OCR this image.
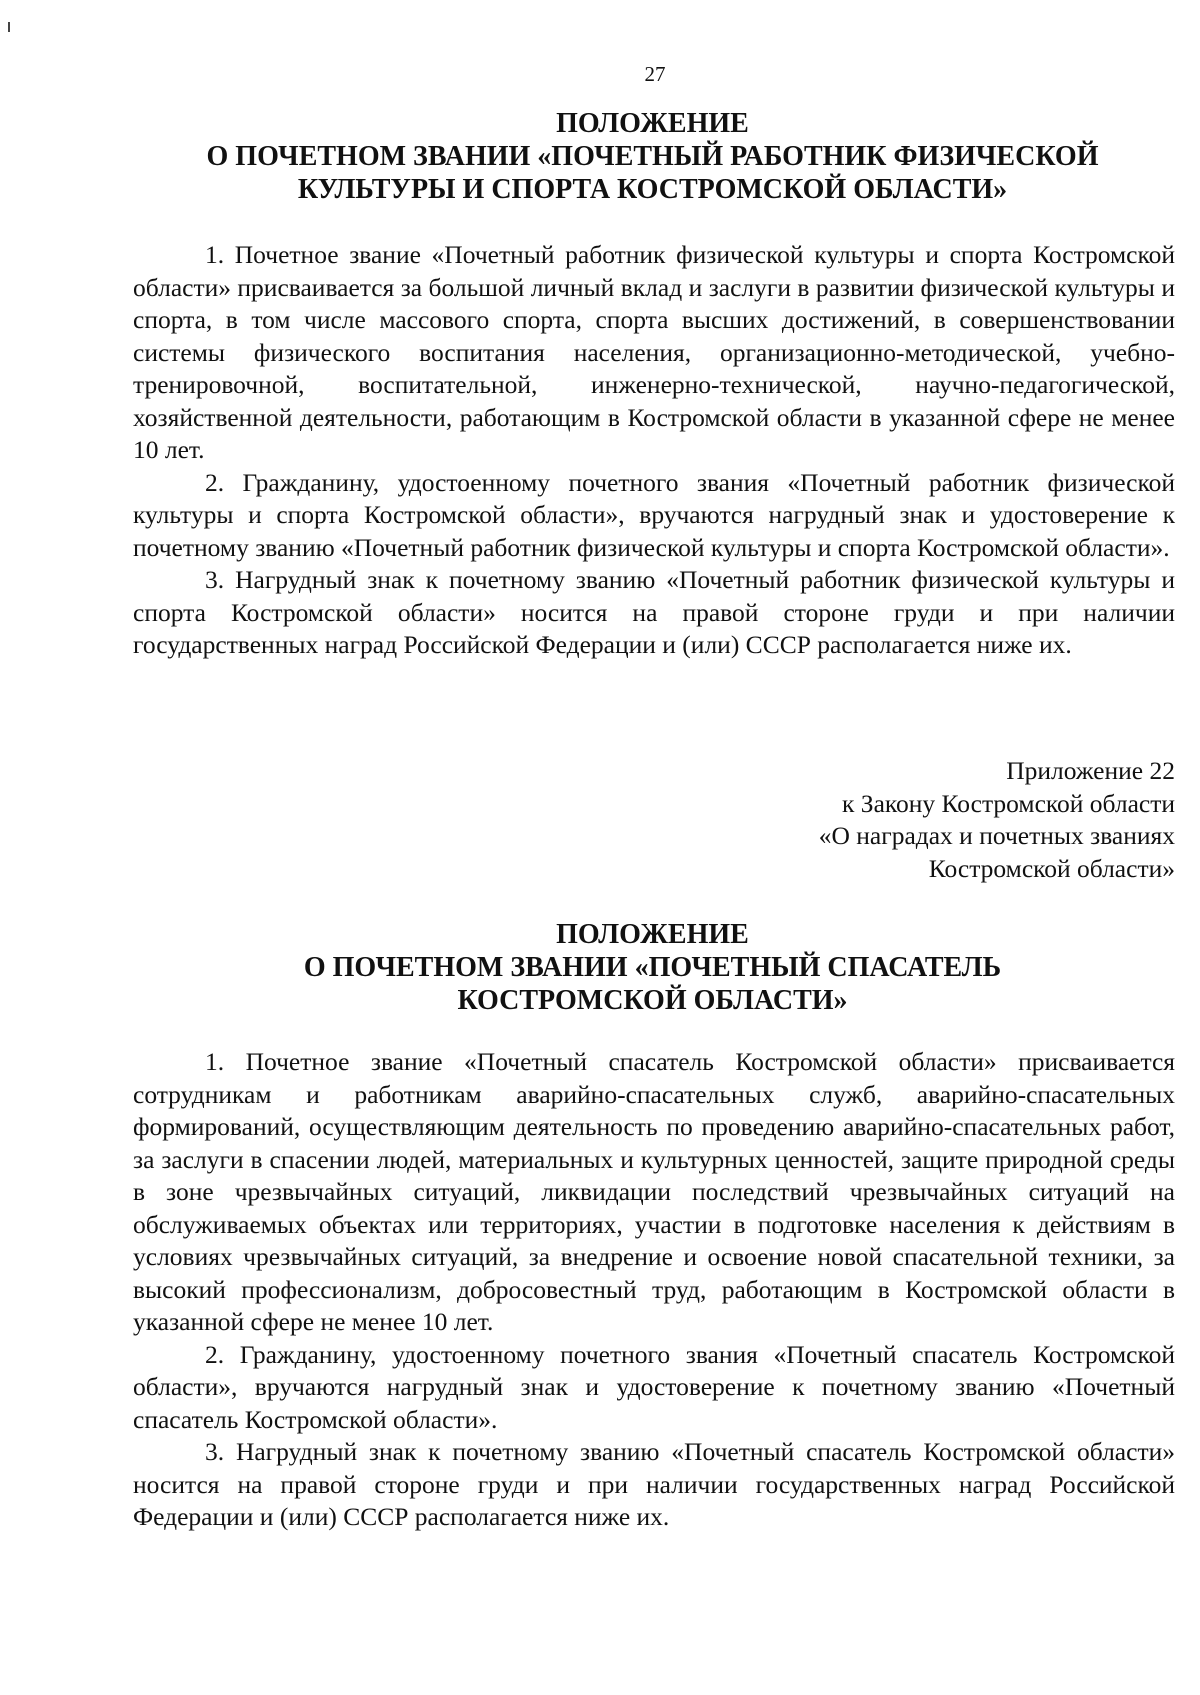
27
ПОЛОЖЕНИЕ
О ПОЧЕТНОМ ЗВАНИИ «ПОЧЕТНЫЙ РАБОТНИК ФИЗИЧЕСКОЙ
КУЛЬТУРЫ И СПОРТА КОСТРОМСКОЙ ОБЛАСТИ»

1. Почетное звание «Почетный работник физической культуры и спорта Костромской области» присваивается за большой личный вклад и заслуги в развитии физической культуры и спорта, в том числе массового спорта, спорта высших достижений, в совершенствовании системы физического воспитания населения, организационно-методической, учебно-тренировочной, воспитательной, инженерно-технической, научно-педагогической, хозяйственной деятельности, работающим в Костромской области в указанной сфере не менее 10 лет.

2. Гражданину, удостоенному почетного звания «Почетный работник физической культуры и спорта Костромской области», вручаются нагрудный знак и удостоверение к почетному званию «Почетный работник физической культуры и спорта Костромской области».

3. Нагрудный знак к почетному званию «Почетный работник физической культуры и спорта Костромской области» носится на правой стороне груди и при наличии государственных наград Российской Федерации и (или) СССР располагается ниже их.

Приложение 22
к Закону Костромской области
«О наградах и почетных званиях
Костромской области»
ПОЛОЖЕНИЕ
О ПОЧЕТНОМ ЗВАНИИ «ПОЧЕТНЫЙ СПАСАТЕЛЬ
КОСТРОМСКОЙ ОБЛАСТИ»

1. Почетное звание «Почетный спасатель Костромской области» присваивается сотрудникам и работникам аварийно-спасательных служб, аварийно-спасательных формирований, осуществляющим деятельность по проведению аварийно-спасательных работ, за заслуги в спасении людей, материальных и культурных ценностей, защите природной среды в зоне чрезвычайных ситуаций, ликвидации последствий чрезвычайных ситуаций на обслуживаемых объектах или территориях, участии в подготовке населения к действиям в условиях чрезвычайных ситуаций, за внедрение и освоение новой спасательной техники, за высокий профессионализм, добросовестный труд, работающим в Костромской области в указанной сфере не менее 10 лет.

2. Гражданину, удостоенному почетного звания «Почетный спасатель Костромской области», вручаются нагрудный знак и удостоверение к почетному званию «Почетный спасатель Костромской области».

3. Нагрудный знак к почетному званию «Почетный спасатель Костромской области» носится на правой стороне груди и при наличии государственных наград Российской Федерации и (или) СССР располагается ниже их.
